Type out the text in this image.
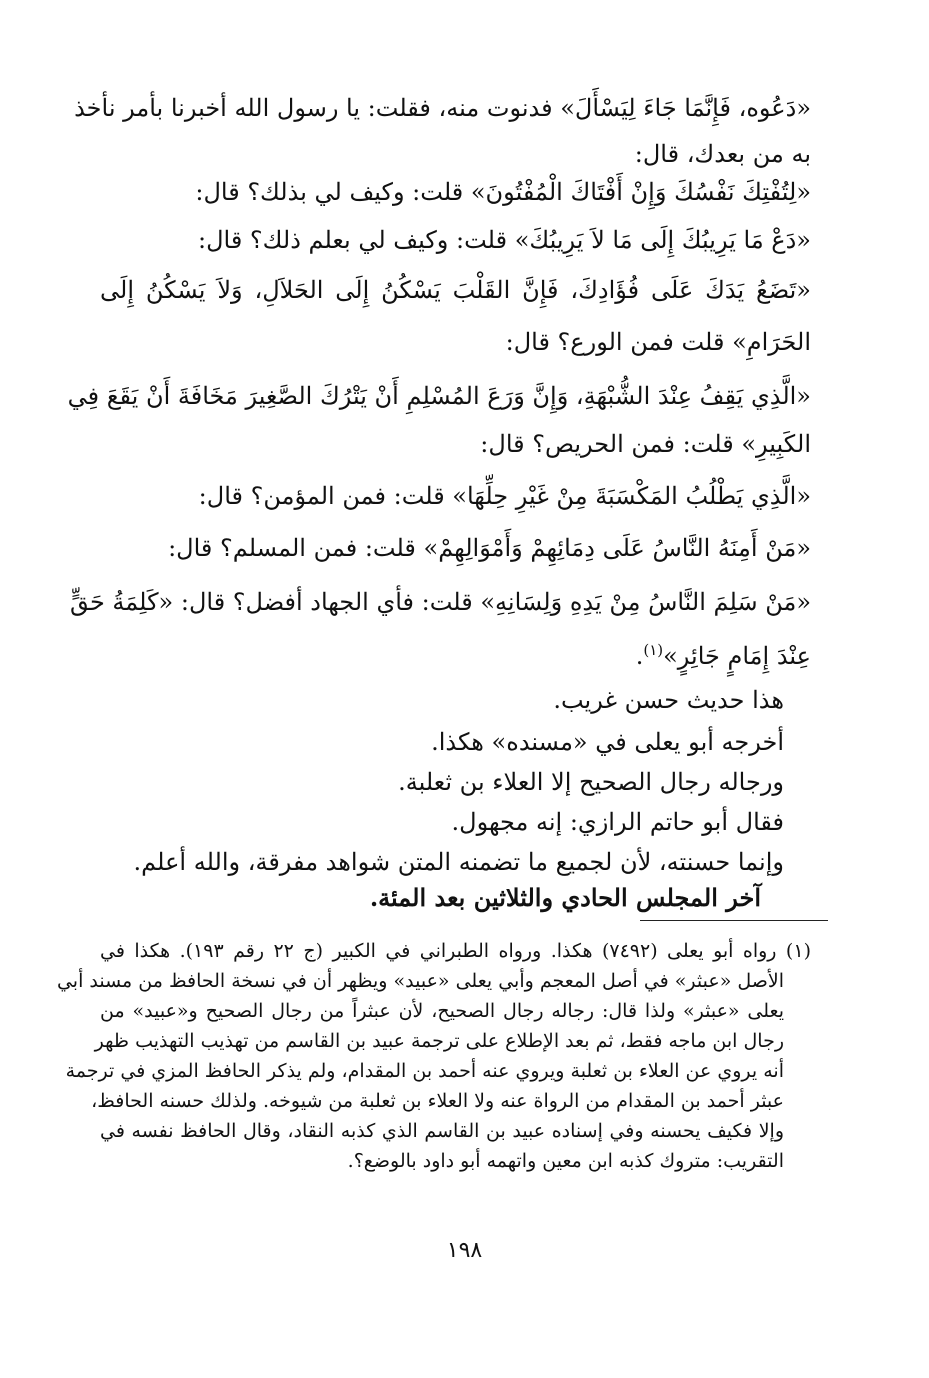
«دَعُوه، فَإِنَّمَا جَاءَ لِيَسْأَلَ» فدنوت منه، فقلت: يا رسول الله أخبرنا بأمر نأخذ
به من بعدك، قال:
«لِتُفْتِكَ نَفْسُكَ وَإِنْ أَفْتَاكَ الْمُفْتُونَ» قلت: وكيف لي بذلك؟ قال:
«دَعْ مَا يَرِيبُكَ إِلَى مَا لاَ يَرِيبُكَ» قلت: وكيف لي بعلم ذلك؟ قال:
«تَضَعُ يَدَكَ عَلَى فُؤَادِكَ، فَإِنَّ القَلْبَ يَسْكُنُ إِلَى الحَلاَلِ، وَلاَ يَسْكُنُ إِلَى
الحَرَامِ» قلت فمن الورع؟ قال:
«الَّذِي يَقِفُ عِنْدَ الشُّبْهَةِ، وَإِنَّ وَرَعَ المُسْلِمِ أَنْ يَتْرُكَ الصَّغِيرَ مَخَافَةَ أَنْ يَقَعَ فِي
الكَبِيرِ» قلت: فمن الحريص؟ قال:
«الَّذِي يَطْلُبُ المَكْسَبَةَ مِنْ غَيْرِ حِلِّهَا» قلت: فمن المؤمن؟ قال:
«مَنْ أَمِنَهُ النَّاسُ عَلَى دِمَائِهِمْ وَأَمْوَالِهِمْ» قلت: فمن المسلم؟ قال:
«مَنْ سَلِمَ النَّاسُ مِنْ يَدِهِ وَلِسَانِهِ» قلت: فأي الجهاد أفضل؟ قال: «كَلِمَةُ حَقٍّ
عِنْدَ إِمَامٍ جَائِرٍ»$^{(١)}$.
هذا حديث حسن غريب.
أخرجه أبو يعلى في «مسنده» هكذا.
ورجاله رجال الصحيح إلا العلاء بن ثعلبة.
فقال أبو حاتم الرازي: إنه مجهول.
وإنما حسنته، لأن لجميع ما تضمنه المتن شواهد مفرقة، والله أعلم.
آخر المجلس الحادي والثلاثين بعد المئة.
(١) رواه أبو يعلى (٧٤٩٢) هكذا. ورواه الطبراني في الكبير (ج ٢٢ رقم ١٩٣). هكذا في
الأصل «عبثر» في أصل المعجم وأبي يعلى «عبيد» ويظهر أن في نسخة الحافظ من مسند أبي
يعلى «عبثر» ولذا قال: رجاله رجال الصحيح، لأن عبثراً من رجال الصحيح و«عبيد» من
رجال ابن ماجه فقط، ثم بعد الإطلاع على ترجمة عبيد بن القاسم من تهذيب التهذيب ظهر
أنه يروي عن العلاء بن ثعلبة ويروي عنه أحمد بن المقدام، ولم يذكر الحافظ المزي في ترجمة
عبثر أحمد بن المقدام من الرواة عنه ولا العلاء بن ثعلبة من شيوخه. ولذلك حسنه الحافظ،
وإلا فكيف يحسنه وفي إسناده عبيد بن القاسم الذي كذبه النقاد، وقال الحافظ نفسه في
التقريب: متروك كذبه ابن معين واتهمه أبو داود بالوضع؟.
١٩٨
